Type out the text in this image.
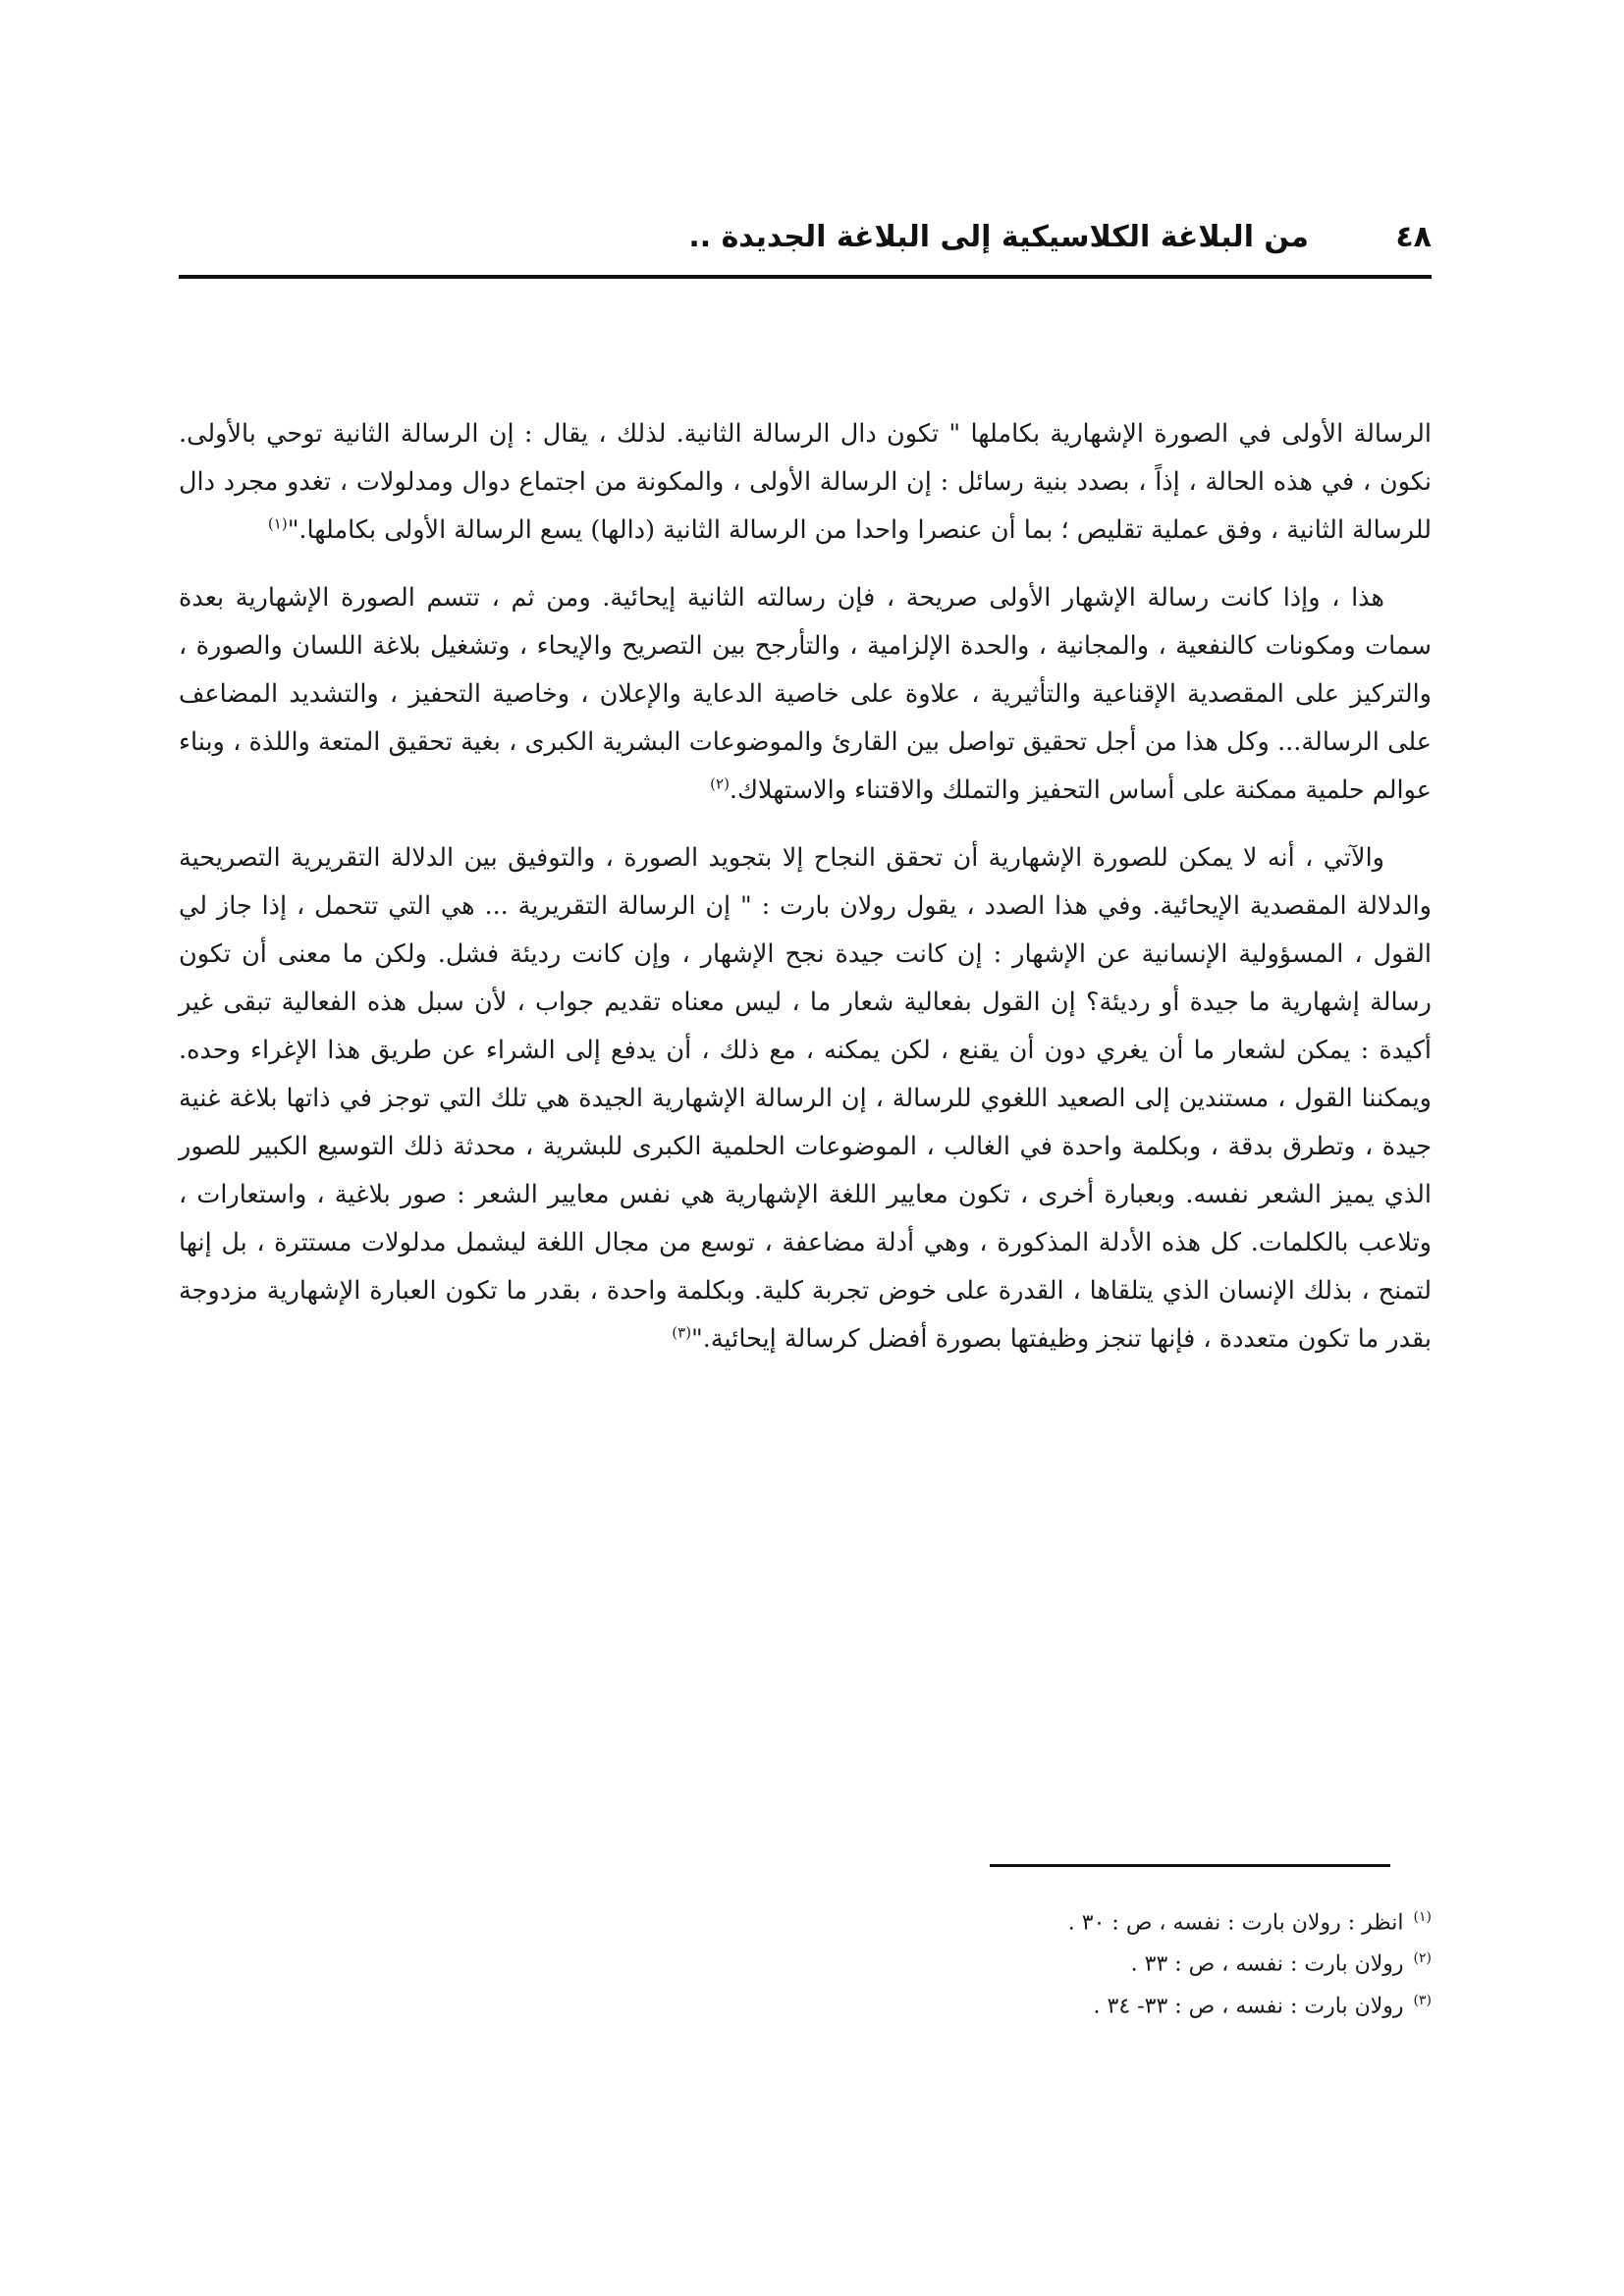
٤٨
من البلاغة الكلاسيكية إلى البلاغة الجديدة ..

الرسالة الأولى في الصورة الإشهارية بكاملها " تكون دال الرسالة الثانية. لذلك ، يقال : إن الرسالة الثانية توحي بالأولى. نكون ، في هذه الحالة ، إذاً ، بصدد بنية رسائل : إن الرسالة الأولى ، والمكونة من اجتماع دوال ومدلولات ، تغدو مجرد دال للرسالة الثانية ، وفق عملية تقليص ؛ بما أن عنصرا واحدا من الرسالة الثانية (دالها) يسع الرسالة الأولى بكاملها."$^{(١)}$

هذا ، وإذا كانت رسالة الإشهار الأولى صريحة ، فإن رسالته الثانية إيحائية. ومن ثم ، تتسم الصورة الإشهارية بعدة سمات ومكونات كالنفعية ، والمجانية ، والحدة الإلزامية ، والتأرجح بين التصريح والإيحاء ، وتشغيل بلاغة اللسان والصورة ، والتركيز على المقصدية الإقناعية والتأثيرية ، علاوة على خاصية الدعاية والإعلان ، وخاصية التحفيز ، والتشديد المضاعف على الرسالة... وكل هذا من أجل تحقيق تواصل بين القارئ والموضوعات البشرية الكبرى ، بغية تحقيق المتعة واللذة ، وبناء عوالم حلمية ممكنة على أساس التحفيز والتملك والاقتناء والاستهلاك.$^{(٢)}$

والآتي ، أنه لا يمكن للصورة الإشهارية أن تحقق النجاح إلا بتجويد الصورة ، والتوفيق بين الدلالة التقريرية التصريحية والدلالة المقصدية الإيحائية. وفي هذا الصدد ، يقول رولان بارت : " إن الرسالة التقريرية ... هي التي تتحمل ، إذا جاز لي القول ، المسؤولية الإنسانية عن الإشهار : إن كانت جيدة نجح الإشهار ، وإن كانت رديئة فشل. ولكن ما معنى أن تكون رسالة إشهارية ما جيدة أو رديئة؟ إن القول بفعالية شعار ما ، ليس معناه تقديم جواب ، لأن سبل هذه الفعالية تبقى غير أكيدة : يمكن لشعار ما أن يغري دون أن يقنع ، لكن يمكنه ، مع ذلك ، أن يدفع إلى الشراء عن طريق هذا الإغراء وحده. ويمكننا القول ، مستندين إلى الصعيد اللغوي للرسالة ، إن الرسالة الإشهارية الجيدة هي تلك التي توجز في ذاتها بلاغة غنية جيدة ، وتطرق بدقة ، وبكلمة واحدة في الغالب ، الموضوعات الحلمية الكبرى للبشرية ، محدثة ذلك التوسيع الكبير للصور الذي يميز الشعر نفسه. وبعبارة أخرى ، تكون معايير اللغة الإشهارية هي نفس معايير الشعر : صور بلاغية ، واستعارات ، وتلاعب بالكلمات. كل هذه الأدلة المذكورة ، وهي أدلة مضاعفة ، توسع من مجال اللغة ليشمل مدلولات مستترة ، بل إنها لتمنح ، بذلك الإنسان الذي يتلقاها ، القدرة على خوض تجربة كلية. وبكلمة واحدة ، بقدر ما تكون العبارة الإشهارية مزدوجة بقدر ما تكون متعددة ، فإنها تنجز وظيفتها بصورة أفضل كرسالة إيحائية."$^{(٣)}$

$^{(١)}$انظر : رولان بارت : نفسه ، ص : ٣٠ .
$^{(٢)}$رولان بارت : نفسه ، ص : ٣٣ .
$^{(٣)}$رولان بارت : نفسه ، ص : ٣٣- ٣٤ .
